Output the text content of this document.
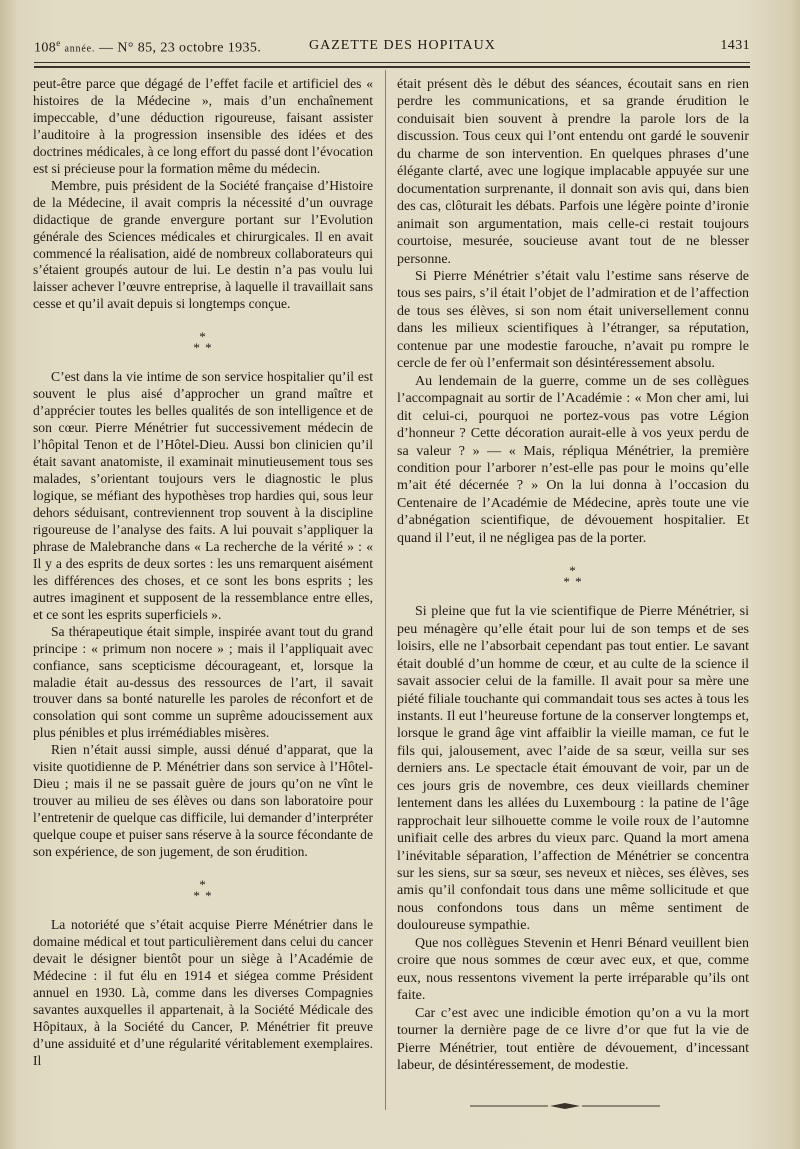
108e année. — N° 85, 23 octobre 1935.	GAZETTE DES HOPITAUX	1431

peut-être parce que dégagé de l’effet facile et artificiel des « histoires de la Médecine », mais d’un enchaînement impeccable, d’une déduction rigoureuse, faisant assister l’auditoire à la progression insensible des idées et des doctrines médicales, à ce long effort du passé dont l’évocation est si précieuse pour la formation même du médecin.

Membre, puis président de la Société française d’Histoire de la Médecine, il avait compris la nécessité d’un ouvrage didactique de grande envergure portant sur l’Evolution générale des Sciences médicales et chirurgicales. Il en avait commencé la réalisation, aidé de nombreux collaborateurs qui s’étaient groupés autour de lui. Le destin n’a pas voulu lui laisser achever l’œuvre entreprise, à laquelle il travaillait sans cesse et qu’il avait depuis si longtemps conçue.

*
* *

C’est dans la vie intime de son service hospitalier qu’il est souvent le plus aisé d’approcher un grand maître et d’apprécier toutes les belles qualités de son intelligence et de son cœur. Pierre Ménétrier fut successivement médecin de l’hôpital Tenon et de l’Hôtel-Dieu. Aussi bon clinicien qu’il était savant anatomiste, il examinait minutieusement tous ses malades, s’orientant toujours vers le diagnostic le plus logique, se méfiant des hypothèses trop hardies qui, sous leur dehors séduisant, contreviennent trop souvent à la discipline rigoureuse de l’analyse des faits. A lui pouvait s’appliquer la phrase de Malebranche dans « La recherche de la vérité » : « Il y a des esprits de deux sortes : les uns remarquent aisément les différences des choses, et ce sont les bons esprits ; les autres imaginent et supposent de la ressemblance entre elles, et ce sont les esprits superficiels ».

Sa thérapeutique était simple, inspirée avant tout du grand principe : « primum non nocere » ; mais il l’appliquait avec confiance, sans scepticisme décourageant, et, lorsque la maladie était au-dessus des ressources de l’art, il savait trouver dans sa bonté naturelle les paroles de réconfort et de consolation qui sont comme un suprême adoucissement aux plus pénibles et plus irrémédiables misères.

Rien n’était aussi simple, aussi dénué d’apparat, que la visite quotidienne de P. Ménétrier dans son service à l’Hôtel-Dieu ; mais il ne se passait guère de jours qu’on ne vînt le trouver au milieu de ses élèves ou dans son laboratoire pour l’entretenir de quelque cas difficile, lui demander d’interpréter quelque coupe et puiser sans réserve à la source fécondante de son expérience, de son jugement, de son érudition.

*
* *

La notoriété que s’était acquise Pierre Ménétrier dans le domaine médical et tout particulièrement dans celui du cancer devait le désigner bientôt pour un siège à l’Académie de Médecine : il fut élu en 1914 et siégea comme Président annuel en 1930. Là, comme dans les diverses Compagnies savantes auxquelles il appartenait, à la Société Médicale des Hôpitaux, à la Société du Cancer, P. Ménétrier fit preuve d’une assiduité et d’une régularité véritablement exemplaires. Il

était présent dès le début des séances, écoutait sans en rien perdre les communications, et sa grande érudition le conduisait bien souvent à prendre la parole lors de la discussion. Tous ceux qui l’ont entendu ont gardé le souvenir du charme de son intervention. En quelques phrases d’une élégante clarté, avec une logique implacable appuyée sur une documentation surprenante, il donnait son avis qui, dans bien des cas, clôturait les débats. Parfois une légère pointe d’ironie animait son argumentation, mais celle-ci restait toujours courtoise, mesurée, soucieuse avant tout de ne blesser personne.

Si Pierre Ménétrier s’était valu l’estime sans réserve de tous ses pairs, s’il était l’objet de l’admiration et de l’affection de tous ses élèves, si son nom était universellement connu dans les milieux scientifiques à l’étranger, sa réputation, contenue par une modestie farouche, n’avait pu rompre le cercle de fer où l’enfermait son désintéressement absolu.

Au lendemain de la guerre, comme un de ses collègues l’accompagnait au sortir de l’Académie : « Mon cher ami, lui dit celui-ci, pourquoi ne portez-vous pas votre Légion d’honneur ? Cette décoration aurait-elle à vos yeux perdu de sa valeur ? » — « Mais, répliqua Ménétrier, la première condition pour l’arborer n’est-elle pas pour le moins qu’elle m’ait été décernée ? » On la lui donna à l’occasion du Centenaire de l’Académie de Médecine, après toute une vie d’abnégation scientifique, de dévouement hospitalier. Et quand il l’eut, il ne négligea pas de la porter.

*
* *

Si pleine que fut la vie scientifique de Pierre Ménétrier, si peu ménagère qu’elle était pour lui de son temps et de ses loisirs, elle ne l’absorbait cependant pas tout entier. Le savant était doublé d’un homme de cœur, et au culte de la science il savait associer celui de la famille. Il avait pour sa mère une piété filiale touchante qui commandait tous ses actes à tous les instants. Il eut l’heureuse fortune de la conserver longtemps et, lorsque le grand âge vint affaiblir la vieille maman, ce fut le fils qui, jalousement, avec l’aide de sa sœur, veilla sur ses derniers ans. Le spectacle était émouvant de voir, par un de ces jours gris de novembre, ces deux vieillards cheminer lentement dans les allées du Luxembourg : la patine de l’âge rapprochait leur silhouette comme le voile roux de l’automne unifiait celle des arbres du vieux parc. Quand la mort amena l’inévitable séparation, l’affection de Ménétrier se concentra sur les siens, sur sa sœur, ses neveux et nièces, ses élèves, ses amis qu’il confondait tous dans une même sollicitude et que nous confondons tous dans un même sentiment de douloureuse sympathie.

Que nos collègues Stevenin et Henri Bénard veuillent bien croire que nous sommes de cœur avec eux, et que, comme eux, nous ressentons vivement la perte irréparable qu’ils ont faite.

Car c’est avec une indicible émotion qu’on a vu la mort tourner la dernière page de ce livre d’or que fut la vie de Pierre Ménétrier, tout entière de dévouement, d’incessant labeur, de désintéressement, de modestie.
